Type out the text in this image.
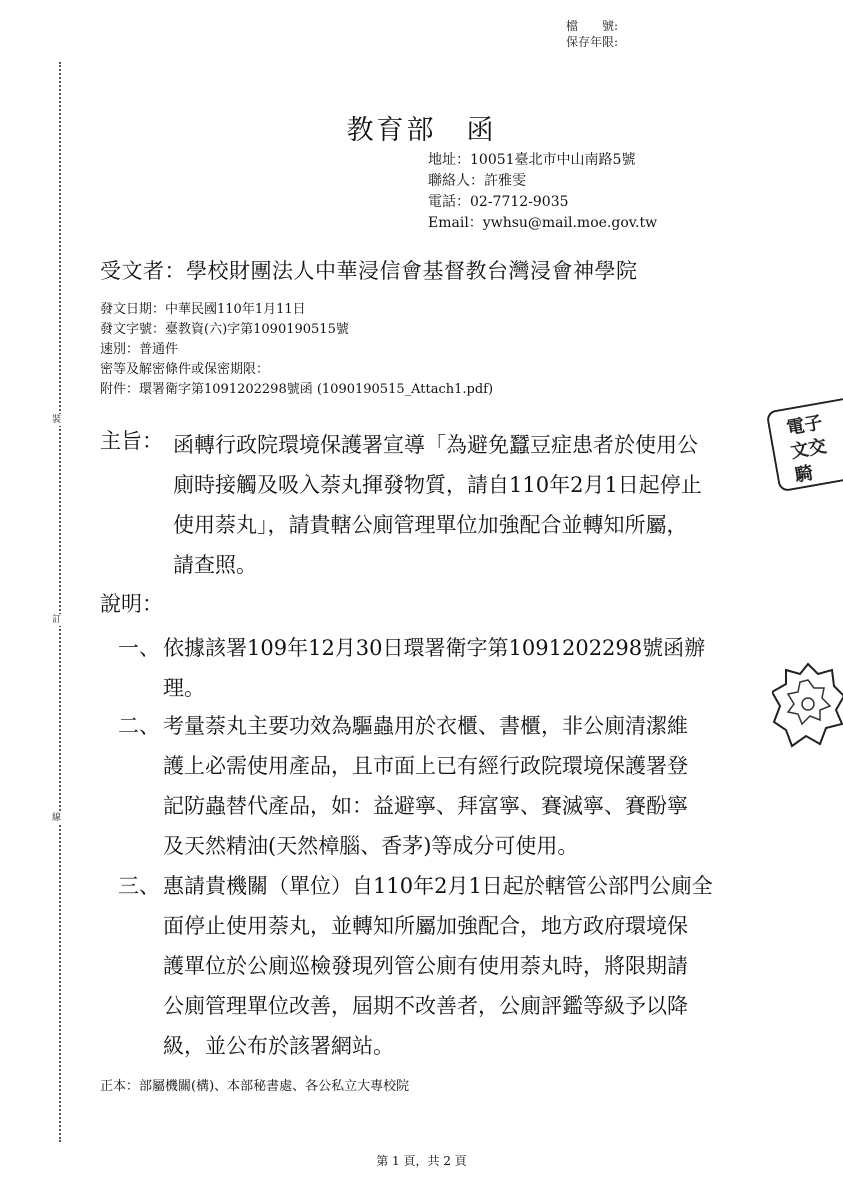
裝
訂
線
檔　　號:
保存年限:
教育部　函
地址：10051臺北市中山南路5號
聯絡人：許雅雯
電話：02-7712-9035
Email：ywhsu@mail.moe.gov.tw
受文者：學校財團法人中華浸信會基督教台灣浸會神學院
發文日期：中華民國110年1月11日
發文字號：臺教資(六)字第1090190515號
速別：普通件
密等及解密條件或保密期限：
附件：環署衛字第1091202298號函 (1090190515_Attach1.pdf)
主旨： 函轉行政院環境保護署宣導「為避免蠶豆症患者於使用公
廁時接觸及吸入萘丸揮發物質，請自110年2月1日起停止
使用萘丸」，請貴轄公廁管理單位加強配合並轉知所屬，
請查照。
說明：
一、 依據該署109年12月30日環署衛字第1091202298號函辦
理。
二、 考量萘丸主要功效為驅蟲用於衣櫃、書櫃，非公廁清潔維
護上必需使用產品，且市面上已有經行政院環境保護署登
記防蟲替代產品，如：益避寧、拜富寧、賽滅寧、賽酚寧
及天然精油(天然樟腦、香茅)等成分可使用。
三、 惠請貴機關（單位）自110年2月1日起於轄管公部門公廁全
面停止使用萘丸，並轉知所屬加強配合，地方政府環境保
護單位於公廁巡檢發現列管公廁有使用萘丸時，將限期請
公廁管理單位改善，屆期不改善者，公廁評鑑等級予以降
級，並公布於該署網站。
正本：部屬機關(構)、本部秘書處、各公私立大專校院
第 1 頁，共 2 頁
電子
文交
騎
